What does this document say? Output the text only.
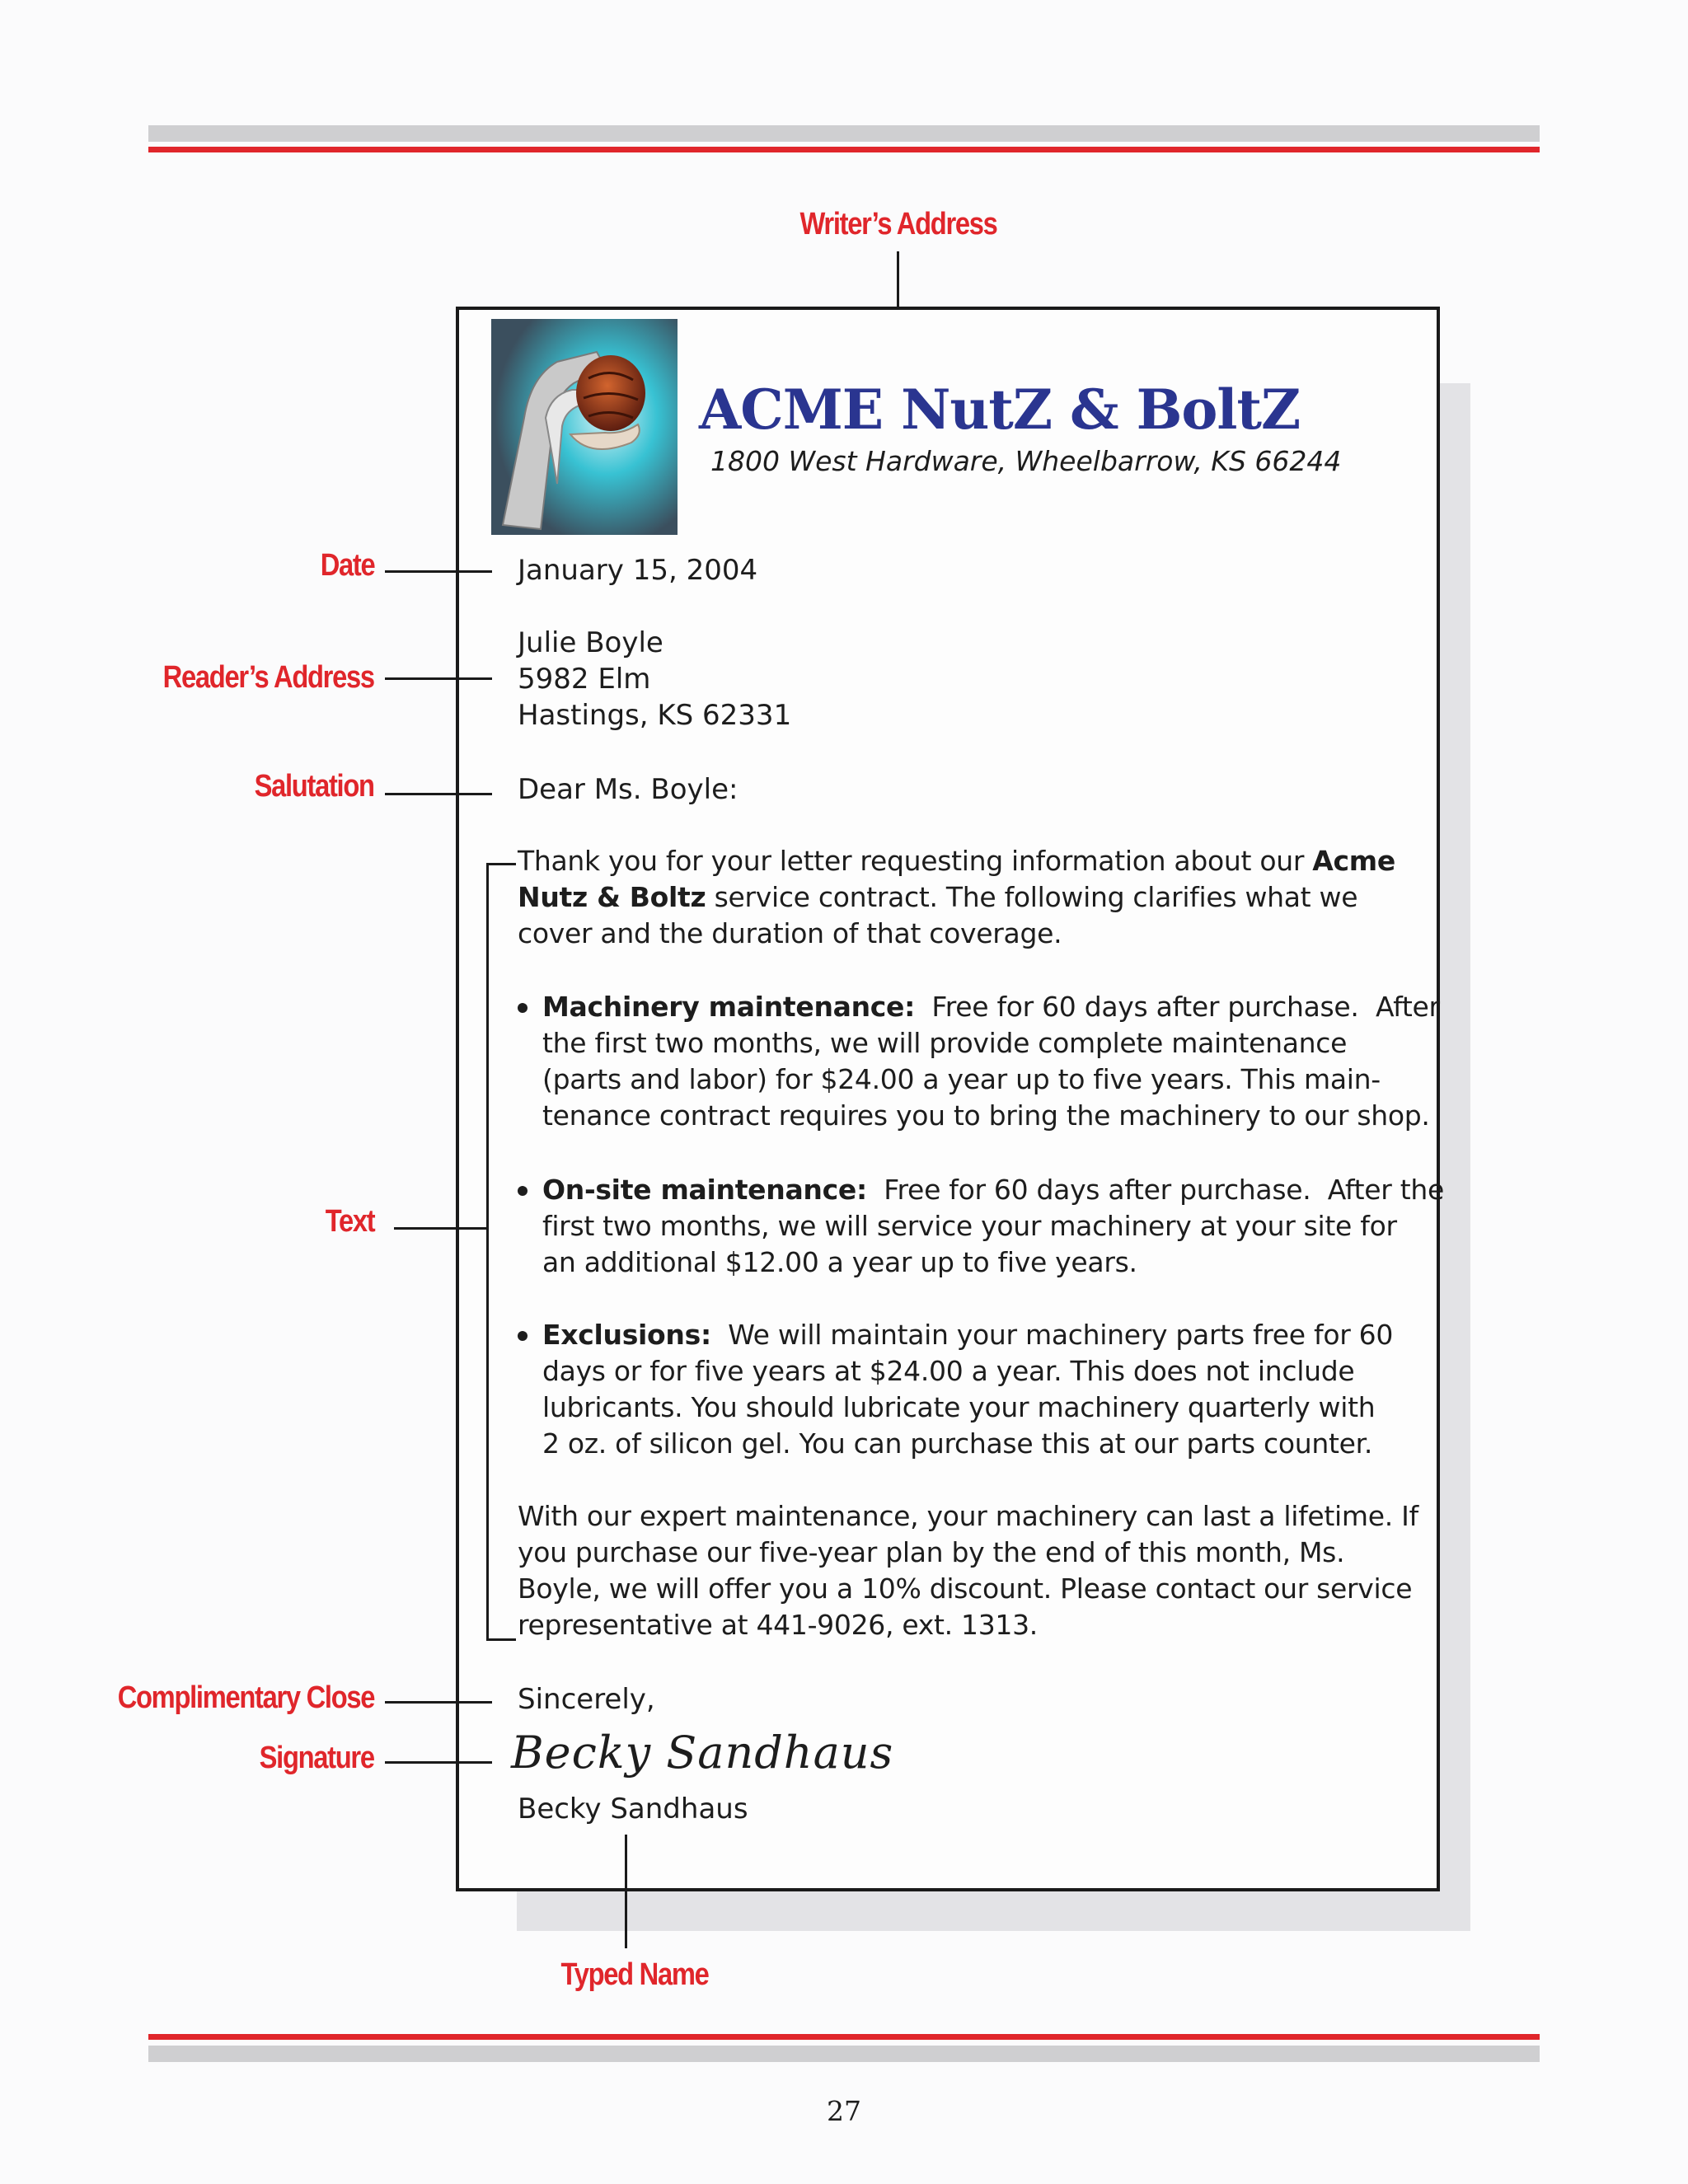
Writer’s Address
ACME NutZ & BoltZ
1800 West Hardware, Wheelbarrow, KS 66244
Date	January 15, 2004
Reader’s Address
Julie Boyle
5982 Elm
Hastings, KS 62331
Salutation	Dear Ms. Boyle:
Text
Thank you for your letter requesting information about our Acme
Nutz & Boltz service contract. The following clarifies what we
cover and the duration of that coverage.
Machinery maintenance:  Free for 60 days after purchase.  After
the first two months, we will provide complete maintenance
(parts and labor) for $24.00 a year up to five years. This main-
tenance contract requires you to bring the machinery to our shop.
On-site maintenance:  Free for 60 days after purchase.  After the
first two months, we will service your machinery at your site for
an additional $12.00 a year up to five years.
Exclusions:  We will maintain your machinery parts free for 60
days or for five years at $24.00 a year. This does not include
lubricants. You should lubricate your machinery quarterly with
2 oz. of silicon gel. You can purchase this at our parts counter.
With our expert maintenance, your machinery can last a lifetime. If
you purchase our five-year plan by the end of this month, Ms.
Boyle, we will offer you a 10% discount. Please contact our service
representative at 441-9026, ext. 1313.
Complimentary Close	Sincerely,
Signature	Becky Sandhaus
Becky Sandhaus
Typed Name
27
